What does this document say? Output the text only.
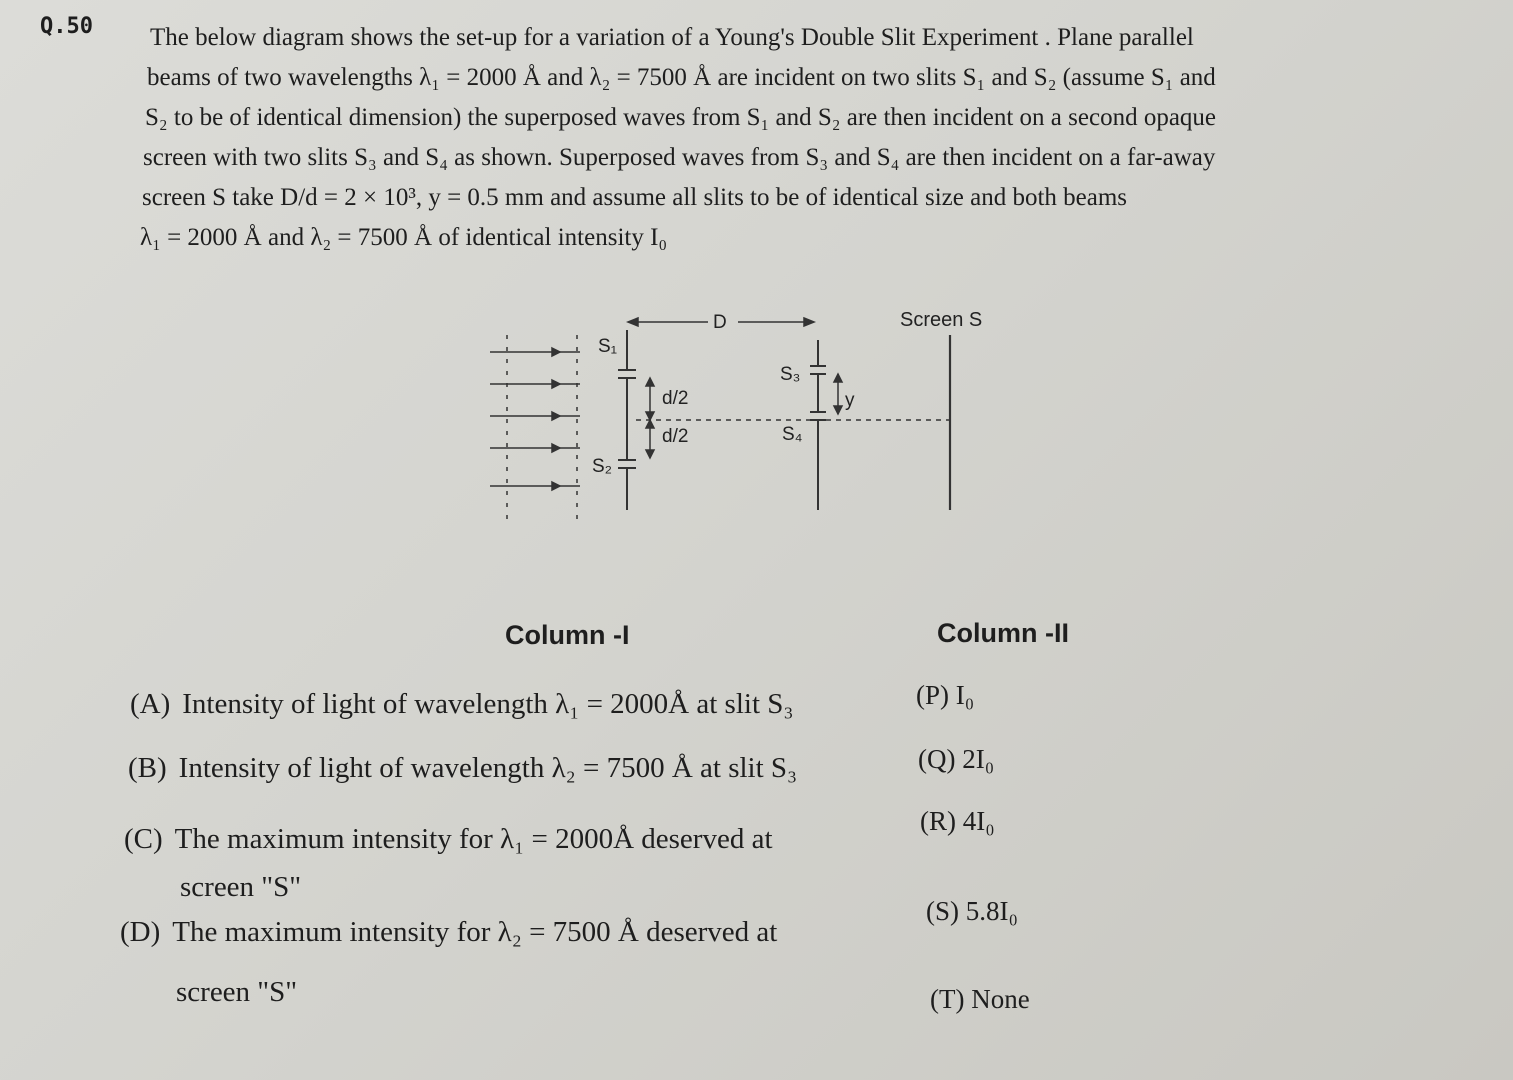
Q.50	The below diagram shows the set-up for a variation of a Young's Double Slit Experiment . Plane parallel
beams of two wavelengths λ₁ = 2000 Å and λ₂ = 7500 Å are incident on two slits S₁ and S₂ (assume S₁ and
S₂ to be of identical dimension) the superposed waves from S₁ and S₂ are then incident on a second opaque
screen with two slits S₃ and S₄ as shown. Superposed waves from S₃ and S₄ are then incident on a far-away
screen S take D/d = 2 × 10³, y = 0.5 mm and assume all slits to be of identical size and both beams
λ₁ = 2000 Å and λ₂ = 7500 Å of identical intensity I₀
S₁
S₂
S₃
S₄
D
d/2
d/2
y
Screen S
Column -I	Column -II
(A) Intensity of light of wavelength λ₁ = 2000Å at slit S₃
(B) Intensity of light of wavelength λ₂ = 7500 Å at slit S₃
(C) The maximum intensity for λ₁ = 2000Å deserved at
screen "S"
(D) The maximum intensity for λ₂ = 7500 Å deserved at
screen "S"
(P) I₀
(Q) 2I₀
(R) 4I₀
(S) 5.8I₀
(T) None
